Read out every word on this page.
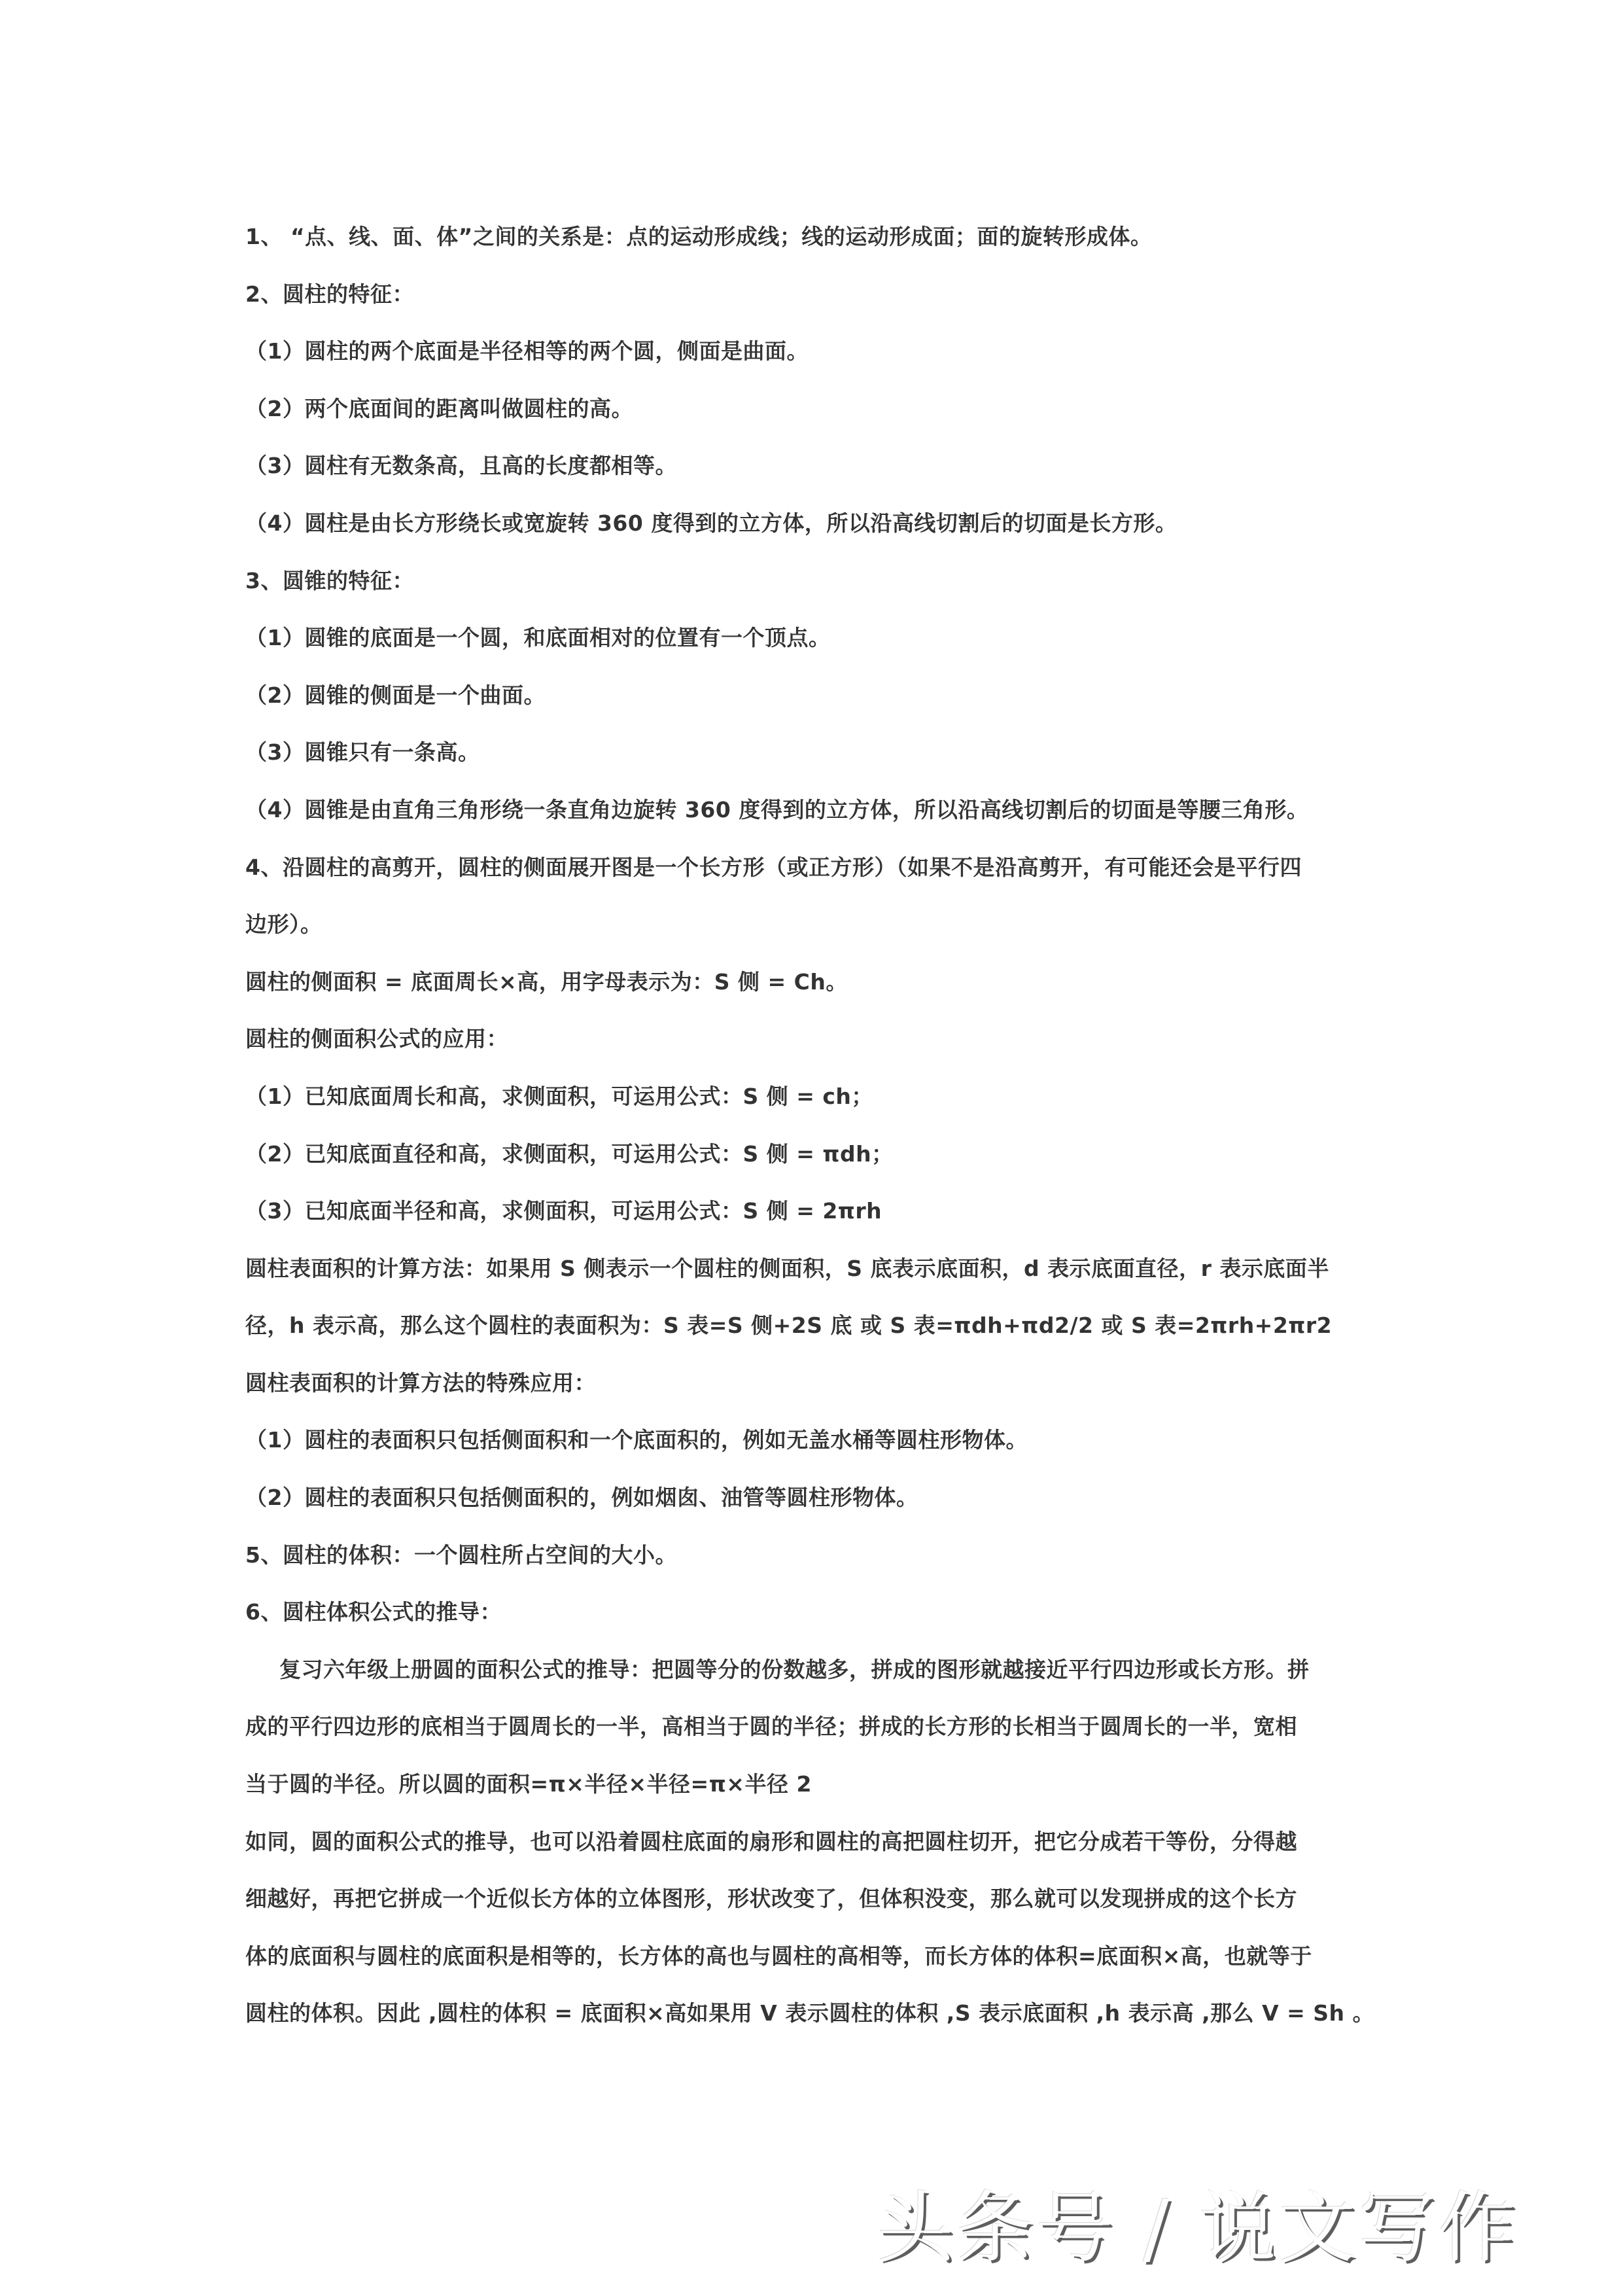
1、 “点、线、面、体”之间的关系是：点的运动形成线；线的运动形成面；面的旋转形成体。
2、圆柱的特征：
（1）圆柱的两个底面是半径相等的两个圆，侧面是曲面。
（2）两个底面间的距离叫做圆柱的高。
（3）圆柱有无数条高，且高的长度都相等。
（4）圆柱是由长方形绕长或宽旋转 360 度得到的立方体，所以沿高线切割后的切面是长方形。
3、圆锥的特征：
（1）圆锥的底面是一个圆，和底面相对的位置有一个顶点。
（2）圆锥的侧面是一个曲面。
（3）圆锥只有一条高。
（4）圆锥是由直角三角形绕一条直角边旋转 360 度得到的立方体，所以沿高线切割后的切面是等腰三角形。
4、沿圆柱的高剪开，圆柱的侧面展开图是一个长方形（或正方形）（如果不是沿高剪开，有可能还会是平行四
边形）。
圆柱的侧面积 = 底面周长×高，用字母表示为：S 侧 = Ch。
圆柱的侧面积公式的应用：
（1）已知底面周长和高，求侧面积，可运用公式：S 侧 = ch；
（2）已知底面直径和高，求侧面积，可运用公式：S 侧 = πdh；
（3）已知底面半径和高，求侧面积，可运用公式：S 侧 = 2πrh
圆柱表面积的计算方法：如果用 S 侧表示一个圆柱的侧面积，S 底表示底面积，d 表示底面直径，r 表示底面半
径，h 表示高，那么这个圆柱的表面积为：S 表=S 侧+2S 底 或 S 表=πdh+πd2/2 或 S 表=2πrh+2πr2
圆柱表面积的计算方法的特殊应用：
（1）圆柱的表面积只包括侧面积和一个底面积的，例如无盖水桶等圆柱形物体。
（2）圆柱的表面积只包括侧面积的，例如烟囱、油管等圆柱形物体。
5、圆柱的体积：一个圆柱所占空间的大小。
6、圆柱体积公式的推导：
复习六年级上册圆的面积公式的推导：把圆等分的份数越多，拼成的图形就越接近平行四边形或长方形。拼
成的平行四边形的底相当于圆周长的一半，高相当于圆的半径；拼成的长方形的长相当于圆周长的一半，宽相
当于圆的半径。所以圆的面积=π×半径×半径=π×半径 2
如同，圆的面积公式的推导，也可以沿着圆柱底面的扇形和圆柱的高把圆柱切开，把它分成若干等份，分得越
细越好，再把它拼成一个近似长方体的立体图形，形状改变了，但体积没变，那么就可以发现拼成的这个长方
体的底面积与圆柱的底面积是相等的，长方体的高也与圆柱的高相等，而长方体的体积=底面积×高，也就等于
圆柱的体积。因此 ,圆柱的体积 = 底面积×高如果用 V 表示圆柱的体积 ,S 表示底面积 ,h 表示高 ,那么 V = Sh 。
头条号 / 说文写作
